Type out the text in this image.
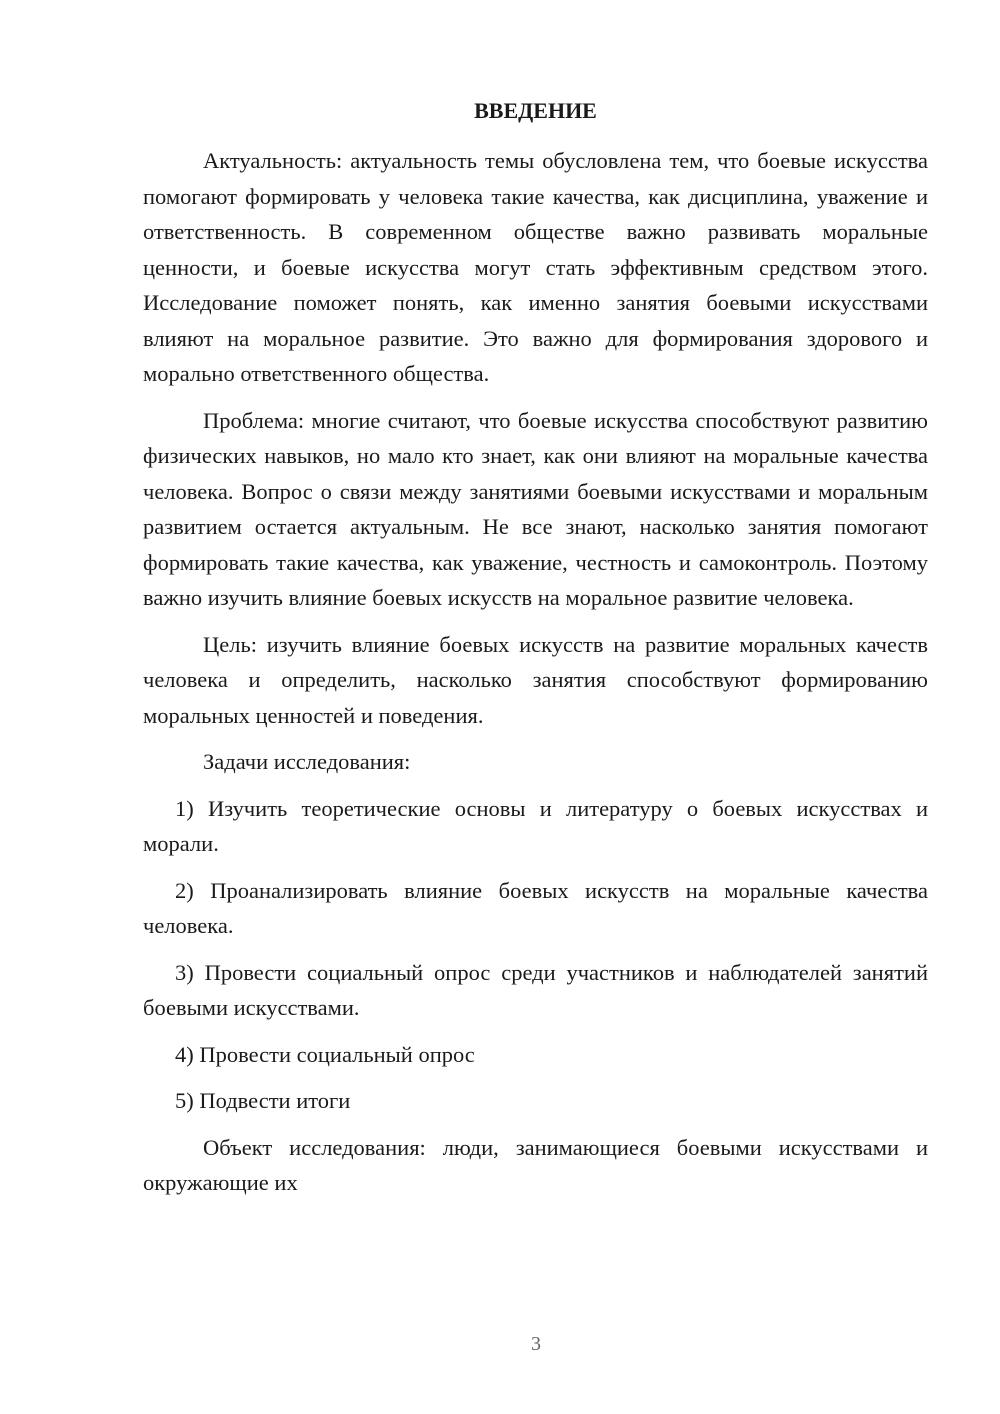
ВВЕДЕНИЕ

Актуальность: актуальность темы обусловлена тем, что боевые искусства помогают формировать у человека такие качества, как дисциплина, уважение и ответственность. В современном обществе важно развивать моральные ценности, и боевые искусства могут стать эффективным средством этого. Исследование поможет понять, как именно занятия боевыми искусствами влияют на моральное развитие. Это важно для формирования здорового и морально ответственного общества.

Проблема: многие считают, что боевые искусства способствуют развитию физических навыков, но мало кто знает, как они влияют на моральные качества человека. Вопрос о связи между занятиями боевыми искусствами и моральным развитием остается актуальным. Не все знают, насколько занятия помогают формировать такие качества, как уважение, честность и самоконтроль. Поэтому важно изучить влияние боевых искусств на моральное развитие человека.

Цель: изучить влияние боевых искусств на развитие моральных качеств человека и определить, насколько занятия способствуют формированию моральных ценностей и поведения.

Задачи исследования:

1) Изучить теоретические основы и литературу о боевых искусствах и морали.

2) Проанализировать влияние боевых искусств на моральные качества человека.

3) Провести социальный опрос среди участников и наблюдателей занятий боевыми искусствами.

4) Провести социальный опрос

5) Подвести итоги

Объект исследования: люди, занимающиеся боевыми искусствами и окружающие их

3
